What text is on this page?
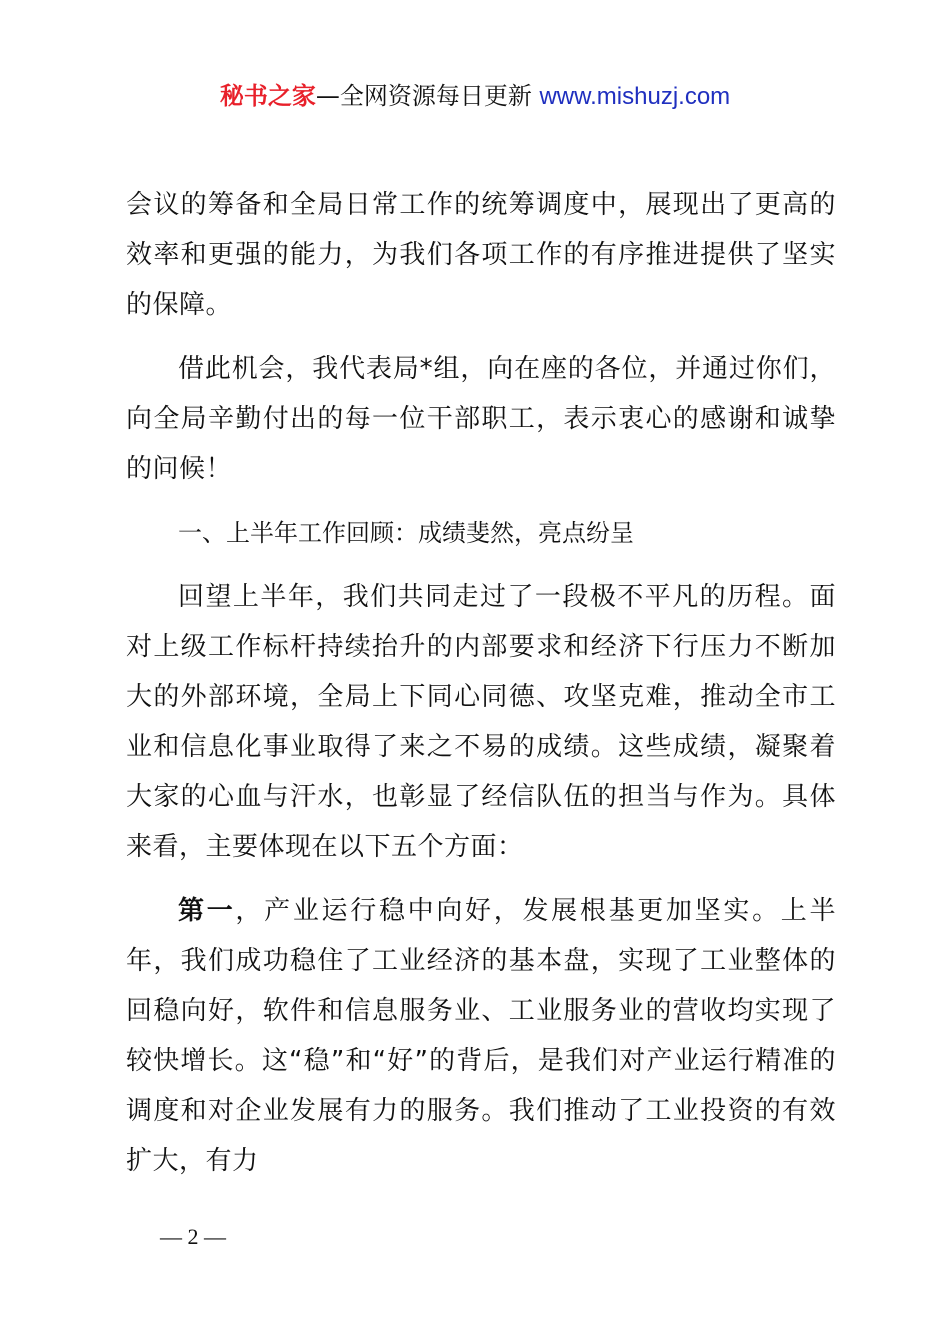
秘书之家—全网资源每日更新 www.mishuzj.com

会议的筹备和全局日常工作的统筹调度中，展现出了更高的效率和更强的能力，为我们各项工作的有序推进提供了坚实的保障。

借此机会，我代表局*组，向在座的各位，并通过你们，向全局辛勤付出的每一位干部职工，表示衷心的感谢和诚挚的问候！

一、上半年工作回顾：成绩斐然，亮点纷呈

回望上半年，我们共同走过了一段极不平凡的历程。面对上级工作标杆持续抬升的内部要求和经济下行压力不断加大的外部环境，全局上下同心同德、攻坚克难，推动全市工业和信息化事业取得了来之不易的成绩。这些成绩，凝聚着大家的心血与汗水，也彰显了经信队伍的担当与作为。具体来看，主要体现在以下五个方面：

第一，产业运行稳中向好，发展根基更加坚实。上半年，我们成功稳住了工业经济的基本盘，实现了工业整体的回稳向好，软件和信息服务业、工业服务业的营收均实现了较快增长。这“稳”和“好”的背后，是我们对产业运行精准的调度和对企业发展有力的服务。我们推动了工业投资的有效扩大，有力

— 2 —
